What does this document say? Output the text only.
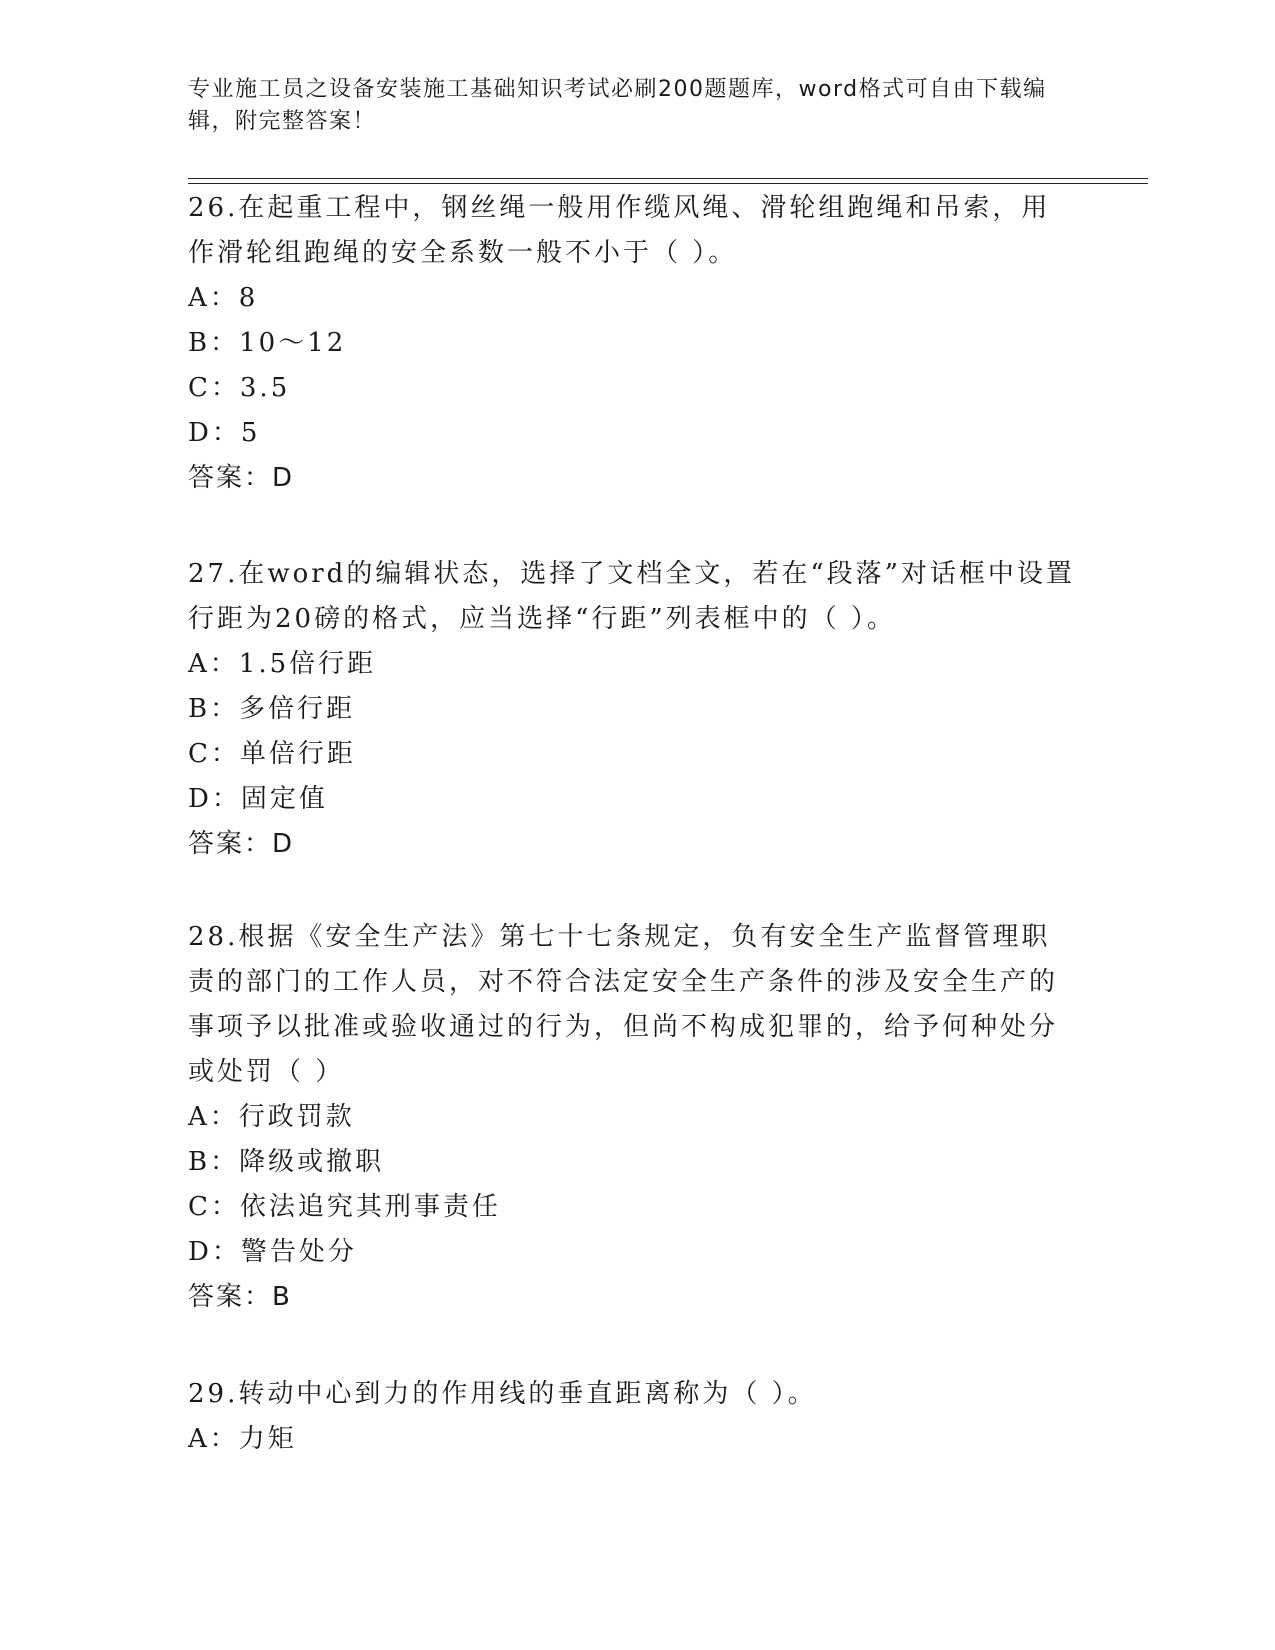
专业施工员之设备安装施工基础知识考试必刷200题题库，word格式可自由下载编辑，附完整答案！

26.在起重工程中，钢丝绳一般用作缆风绳、滑轮组跑绳和吊索，用作滑轮组跑绳的安全系数一般不小于（ ）。

A：8

B：10～12

C：3.5

D：5

答案：D

27.在word的编辑状态，选择了文档全文，若在“段落”对话框中设置行距为20磅的格式，应当选择“行距”列表框中的（ ）。

A：1.5倍行距

B：多倍行距

C：单倍行距

D：固定值

答案：D

28.根据《安全生产法》第七十七条规定，负有安全生产监督管理职责的部门的工作人员，对不符合法定安全生产条件的涉及安全生产的事项予以批准或验收通过的行为，但尚不构成犯罪的，给予何种处分或处罚（ ）

A：行政罚款

B：降级或撤职

C：依法追究其刑事责任

D：警告处分

答案：B

29.转动中心到力的作用线的垂直距离称为（ ）。

A：力矩
